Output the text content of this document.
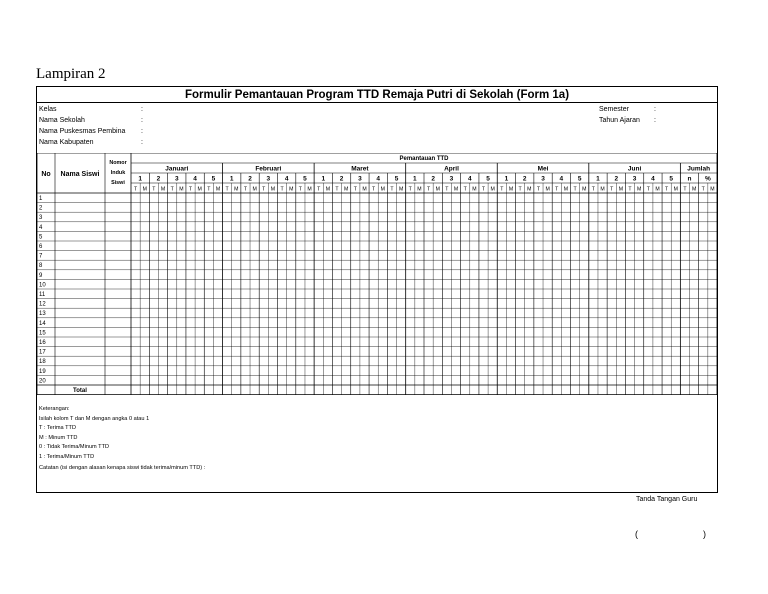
Lampiran 2
Formulir Pemantauan Program TTD Remaja Putri di Sekolah (Form 1a)
Kelas
Nama Sekolah
Nama Puskesmas Pembina
Nama Kabupaten
:
:
:
:
Semester
Tahun Ajaran
:
:
Pemantauan TTD
No Nama Siswi
Nomor
Induk
Siswi
Januari
1
T M
2
T M
3
T M
4
T M
5
T M
Februari
1
T M
2
T M
3
T M
4
T M
5
T M
Maret
1
T M
2
T M
3
T M
4
T M
5
T M
April
1
T M
2
T M
3
T M
4
T M
5
T M
Mei
1
T M
2
T M
3
T M
4
T M
5
T M
Juni
1
T M
2
T M
3
T M
4
T M
5
T M
Jumlah
n %
T M T M
1
2
3
4
5
6
7
8
9
10
11
12
13
14
15
16
17
18
19
20
Total
Keterangan:
Isilah kolom T dan M dengan angka 0 atau 1
T : Terima TTD
M : Minum TTD
0 : Tidak Terima/Minum TTD
1 : Terima/Minum TTD
Catatan (isi dengan alasan kenapa siswi tidak terima/minum TTD) :
Tanda Tangan Guru
(	)
